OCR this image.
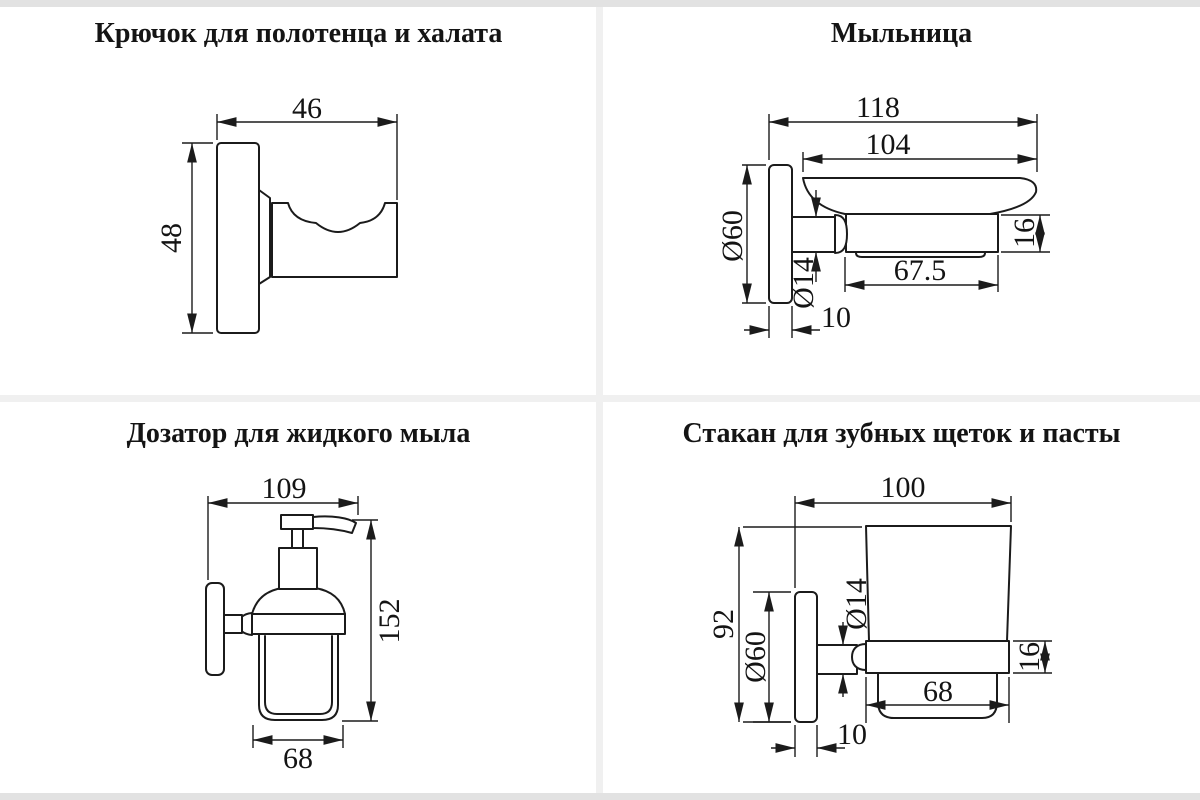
Крючок для полотенца и халата	Мыльница
Дозатор для жидкого мыла	Стакан для зубных щеток и пасты
46
48
118
104
Ø60
Ø14
16
67.5
10
109
152
68
100
92
Ø60
Ø14
16
68
10
